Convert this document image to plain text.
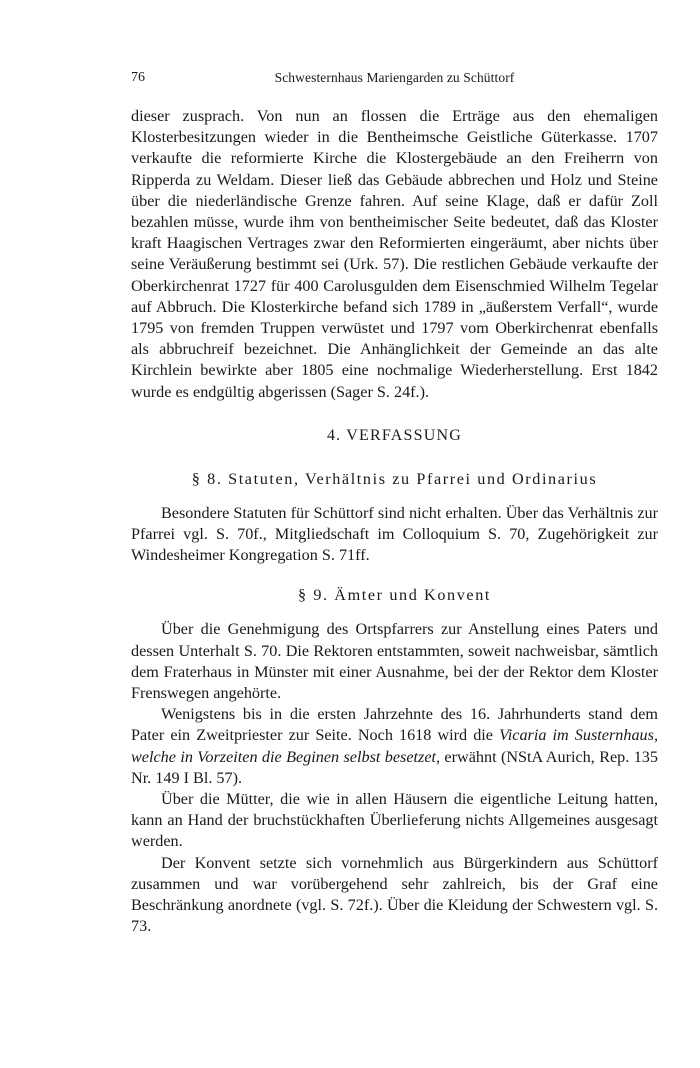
76	Schwesternhaus Mariengarden zu Schüttorf

dieser zusprach. Von nun an flossen die Erträge aus den ehemaligen Klosterbesitzungen wieder in die Bentheimsche Geistliche Güterkasse. 1707 verkaufte die reformierte Kirche die Klostergebäude an den Freiherrn von Ripperda zu Weldam. Dieser ließ das Gebäude abbrechen und Holz und Steine über die niederländische Grenze fahren. Auf seine Klage, daß er dafür Zoll bezahlen müsse, wurde ihm von bentheimischer Seite bedeutet, daß das Kloster kraft Haagischen Vertrages zwar den Reformierten eingeräumt, aber nichts über seine Veräußerung bestimmt sei (Urk. 57). Die restlichen Gebäude verkaufte der Oberkirchenrat 1727 für 400 Carolusgulden dem Eisenschmied Wilhelm Tegelar auf Abbruch. Die Klosterkirche befand sich 1789 in „äußerstem Verfall“, wurde 1795 von fremden Truppen verwüstet und 1797 vom Oberkirchenrat ebenfalls als abbruchreif bezeichnet. Die Anhänglichkeit der Gemeinde an das alte Kirchlein bewirkte aber 1805 eine nochmalige Wiederherstellung. Erst 1842 wurde es endgültig abgerissen (Sager S. 24f.).

4. VERFASSUNG
§ 8. Statuten, Verhältnis zu Pfarrei und Ordinarius

Besondere Statuten für Schüttorf sind nicht erhalten. Über das Verhältnis zur Pfarrei vgl. S. 70f., Mitgliedschaft im Colloquium S. 70, Zugehörigkeit zur Windesheimer Kongregation S. 71ff.

§ 9. Ämter und Konvent

Über die Genehmigung des Ortspfarrers zur Anstellung eines Paters und dessen Unterhalt S. 70. Die Rektoren entstammten, soweit nachweisbar, sämtlich dem Fraterhaus in Münster mit einer Ausnahme, bei der der Rektor dem Kloster Frenswegen angehörte.

Wenigstens bis in die ersten Jahrzehnte des 16. Jahrhunderts stand dem Pater ein Zweitpriester zur Seite. Noch 1618 wird die Vicaria im Susternhaus, welche in Vorzeiten die Beginen selbst besetzet, erwähnt (NStA Aurich, Rep. 135 Nr. 149 I Bl. 57).

Über die Mütter, die wie in allen Häusern die eigentliche Leitung hatten, kann an Hand der bruchstückhaften Überlieferung nichts Allgemeines ausgesagt werden.

Der Konvent setzte sich vornehmlich aus Bürgerkindern aus Schüttorf zusammen und war vorübergehend sehr zahlreich, bis der Graf eine Beschränkung anordnete (vgl. S. 72f.). Über die Kleidung der Schwestern vgl. S. 73.
